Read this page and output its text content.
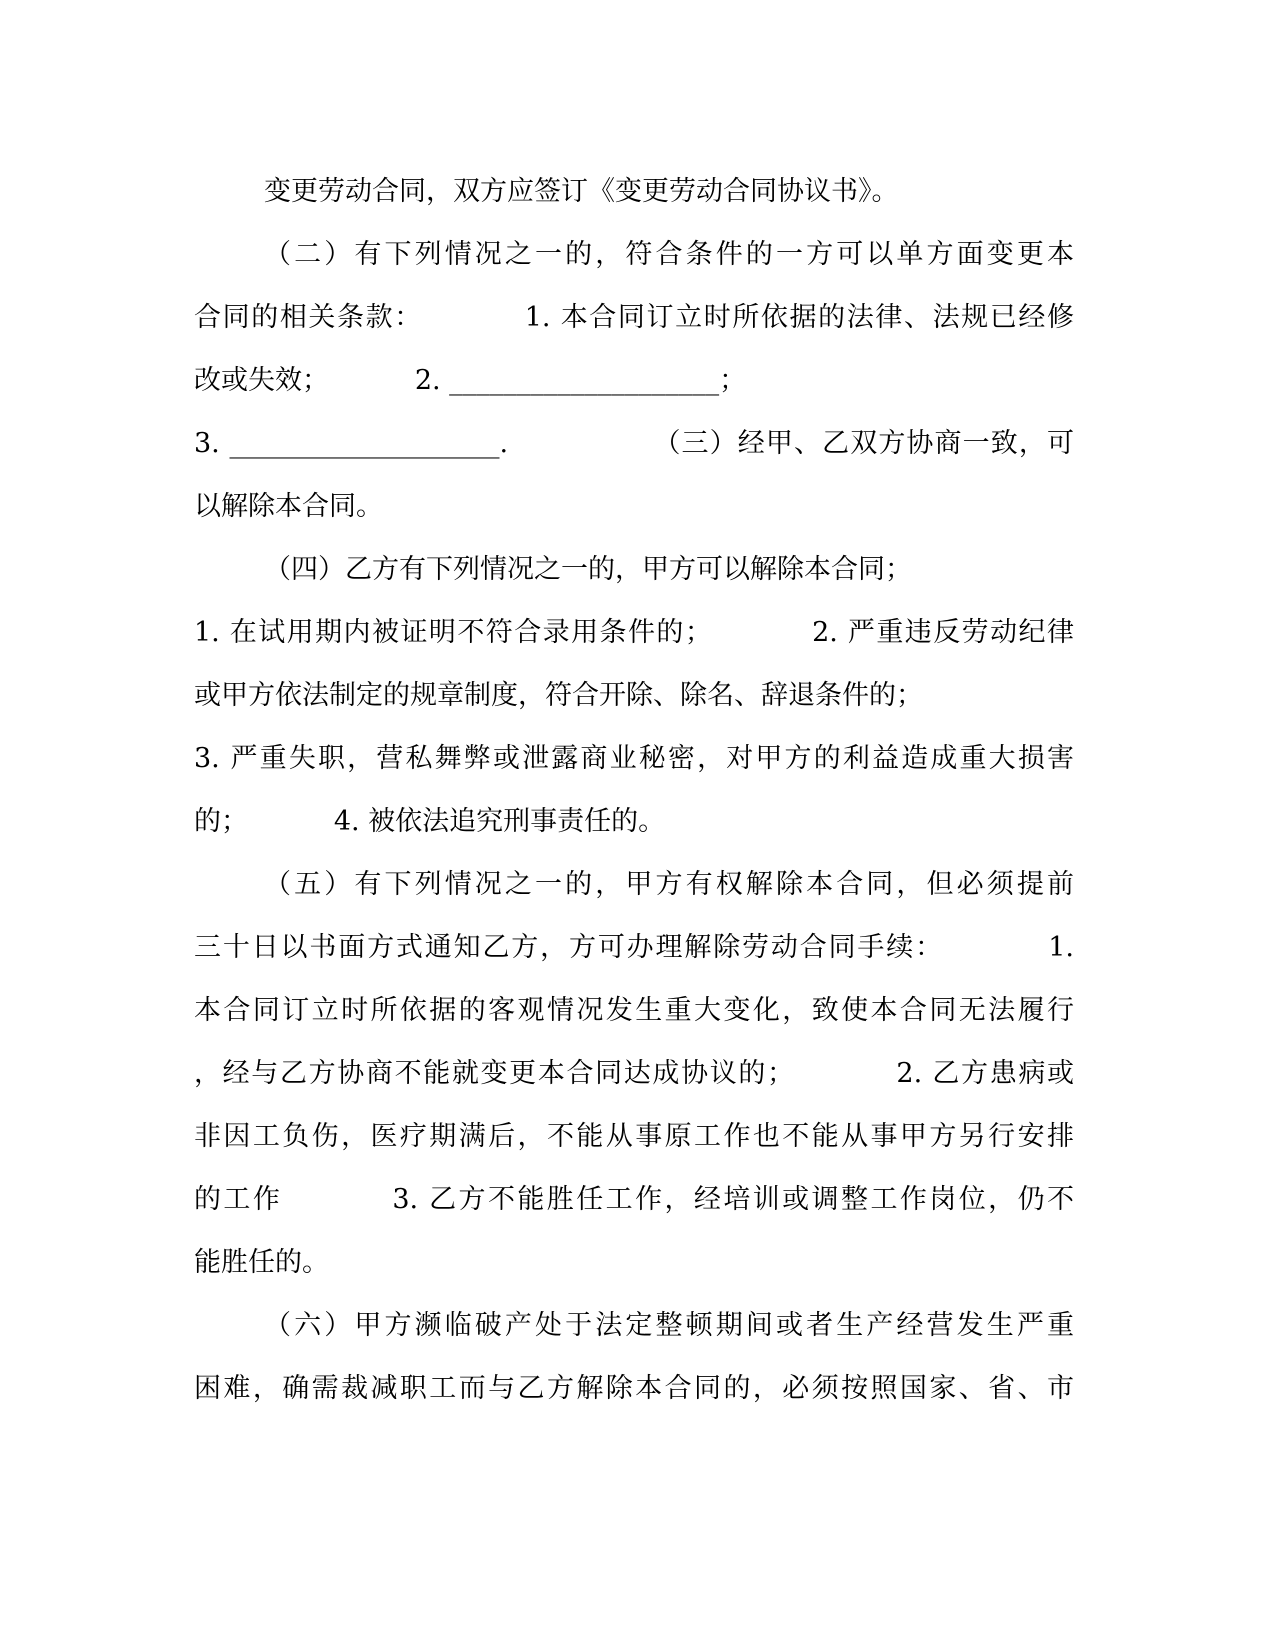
变更劳动合同，双方应签订《变更劳动合同协议书》。
（二）有下列情况之一的，符合条件的一方可以单方面变更本
合同的相关条款：          1. 本合同订立时所依据的法律、法规已经修
改或失效；          2. ____________________；
3. ____________________.               （三）经甲、乙双方协商一致，可
以解除本合同。
（四）乙方有下列情况之一的，甲方可以解除本合同；
1. 在试用期内被证明不符合录用条件的；          2. 严重违反劳动纪律
或甲方依法制定的规章制度，符合开除、除名、辞退条件的；
3. 严重失职，营私舞弊或泄露商业秘密，对甲方的利益造成重大损害
的；          4. 被依法追究刑事责任的。
（五）有下列情况之一的，甲方有权解除本合同，但必须提前
三十日以书面方式通知乙方，方可办理解除劳动合同手续：          1.
本合同订立时所依据的客观情况发生重大变化，致使本合同无法履行
，经与乙方协商不能就变更本合同达成协议的；          2. 乙方患病或
非因工负伤，医疗期满后，不能从事原工作也不能从事甲方另行安排
的工作          3. 乙方不能胜任工作，经培训或调整工作岗位，仍不
能胜任的。
（六）甲方濒临破产处于法定整顿期间或者生产经营发生严重
困难，确需裁减职工而与乙方解除本合同的，必须按照国家、省、市
